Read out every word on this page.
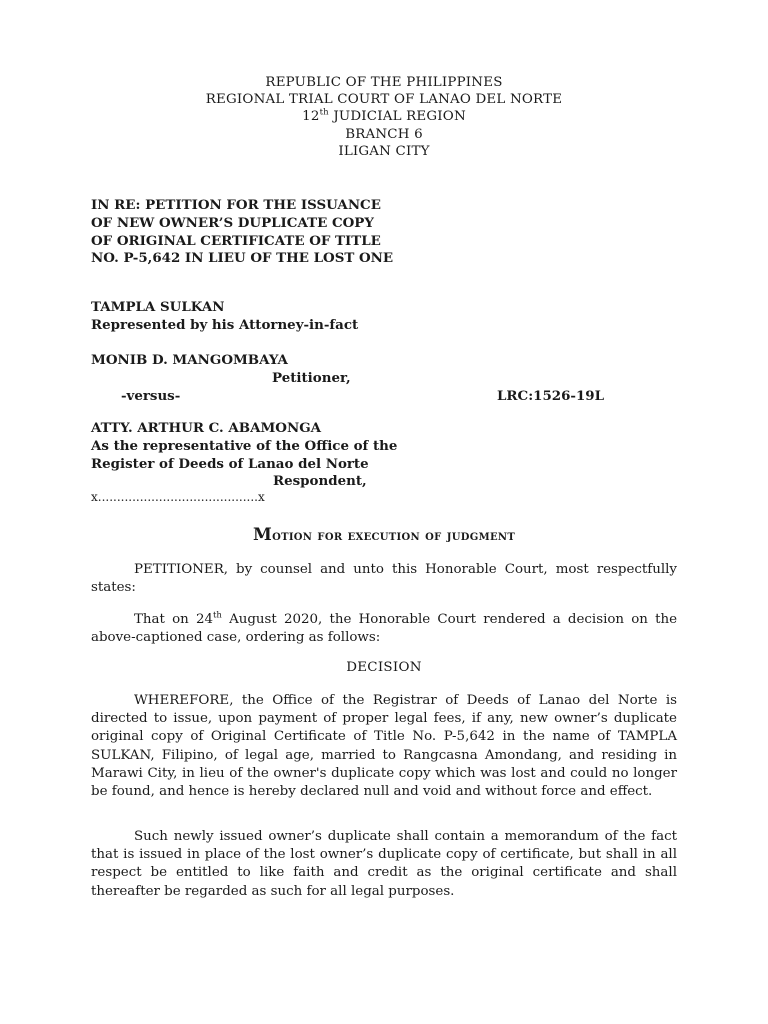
REPUBLIC OF THE PHILIPPINES
REGIONAL TRIAL COURT OF LANAO DEL NORTE
12th JUDICIAL REGION
BRANCH 6
ILIGAN CITY
IN RE: PETITION FOR THE ISSUANCE
OF NEW OWNER’S DUPLICATE COPY
OF ORIGINAL CERTIFICATE OF TITLE
NO. P-5,642 IN LIEU OF THE LOST ONE
TAMPLA SULKAN
Represented by his Attorney-in-fact
MONIB D. MANGOMBAYA
Petitioner,
-versus-	LRC:1526-19L
ATTY. ARTHUR C. ABAMONGA
As the representative of the Office of the
Register of Deeds of Lanao del Norte
Respondent,
x..........................................x
Motion for execution of judgment

PETITIONER, by counsel and unto this Honorable Court, most respectfully states:

That on 24th August 2020, the Honorable Court rendered a decision on the above-captioned case, ordering as follows:

DECISION

WHEREFORE, the Office of the Registrar of Deeds of Lanao del Norte is directed to issue, upon payment of proper legal fees, if any, new owner’s duplicate original copy of Original Certificate of Title No. P-5,642 in the name of TAMPLA SULKAN, Filipino, of legal age, married to Rangcasna Amondang, and residing in Marawi City, in lieu of the owner's duplicate copy which was lost and could no longer be found, and hence is hereby declared null and void and without force and effect.

Such newly issued owner’s duplicate shall contain a memorandum of the fact that is issued in place of the lost owner’s duplicate copy of certificate, but shall in all respect be entitled to like faith and credit as the original certificate and shall thereafter be regarded as such for all legal purposes.
